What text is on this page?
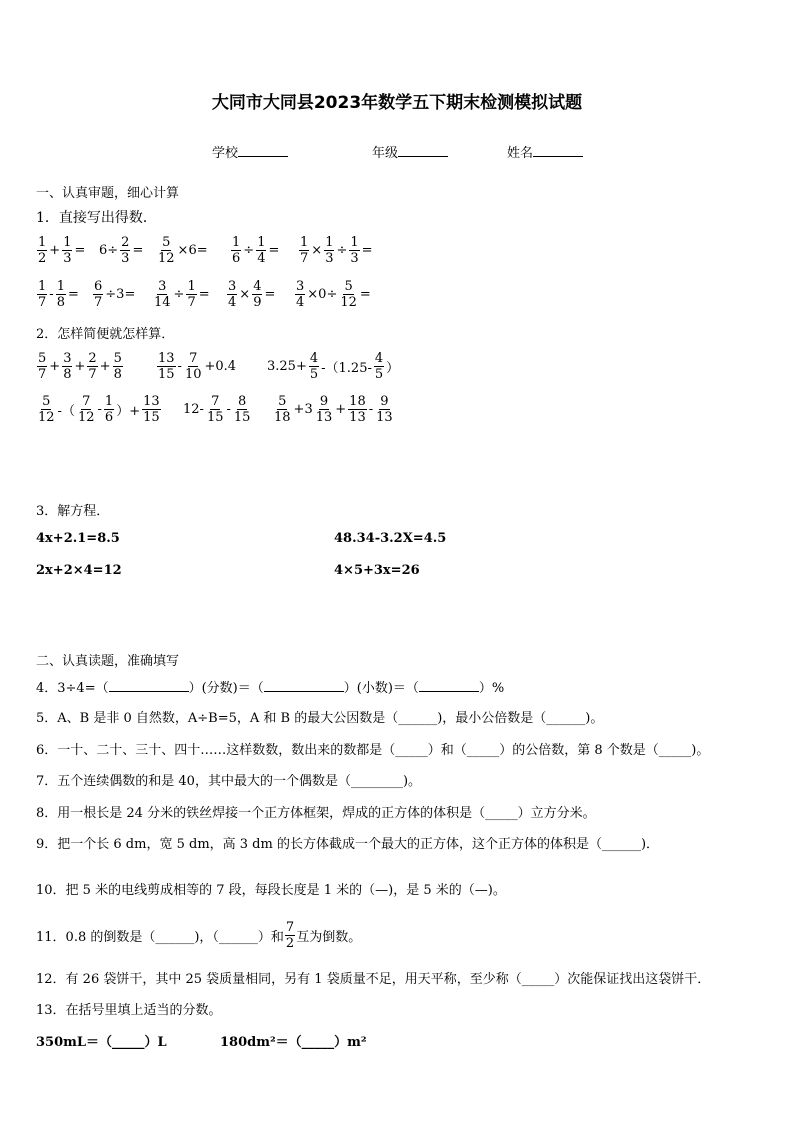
大同市大同县2023年数学五下期末检测模拟试题
学校	年级	姓名
一、认真审题，细心计算
1．直接写出得数．
$\frac{1}{2} + \frac{1}{3} = 6\div \frac{2}{3} = \frac{5}{12} \times 6= \frac{1}{6} \div \frac{1}{4} = \frac{1}{7} \times \frac{1}{3} \div \frac{1}{3}$ =
$\frac{1}{7} - \frac{1}{8} = \frac{6}{7} \div 3= \frac{3}{14} \div \frac{1}{7} = \frac{3}{4} \times \frac{4}{9} = \frac{3}{4} \times 0\div \frac{5}{12}$ =
2．怎样简便就怎样算．
$\frac{5}{7} + \frac{3}{8} + \frac{2}{7} + \frac{5}{8}$	$\frac{13}{15} - \frac{7}{10} +0.4$ $3.25+ \frac{4}{5} -(1.25- \frac{4}{5}$ ）
$\frac{5}{12}$ -（ $\frac{7}{12} - \frac{1}{6}$ ）+ $\frac{13}{15} 12- \frac{7}{15} - \frac{8}{15} \frac{5}{18} +3 \frac{9}{13} + \frac{18}{13} - \frac{9}{13}$
3．解方程．
4x+2.1=8.5	48.34-3.2X=4.5
2x+2×4=12	4×5+3x=26
二、认真读题，准确填写
4．3÷4=（	）(分数)＝（	）(小数)＝（	）%
5．A、B 是非 0 自然数，A÷B=5，A 和 B 的最大公因数是（______)，最小公倍数是（______)。
6．一十、二十、三十、四十……这样数数，数出来的数都是（_____）和（_____）的公倍数，第 8 个数是（_____)。
7．五个连续偶数的和是 40，其中最大的一个偶数是（________)。
8．用一根长是 24 分米的铁丝焊接一个正方体框架，焊成的正方体的体积是（_____）立方分米。
9．把一个长 6 dm，宽 5 dm，高 3 dm 的长方体截成一个最大的正方体，这个正方体的体积是（______)．
10．把 5 米的电线剪成相等的 7 段，每段长度是 1 米的（—)，是 5 米的（—)。
11．0.8 的倒数是（______)，（______）和 $\frac{7}{2}$ 互为倒数。
12．有 26 袋饼干，其中 25 袋质量相同，另有 1 袋质量不足，用天平称，至少称（_____）次能保证找出这袋饼干．
13．在括号里填上适当的分数。
350mL＝（_____）L	180dm²＝（_____）m²
